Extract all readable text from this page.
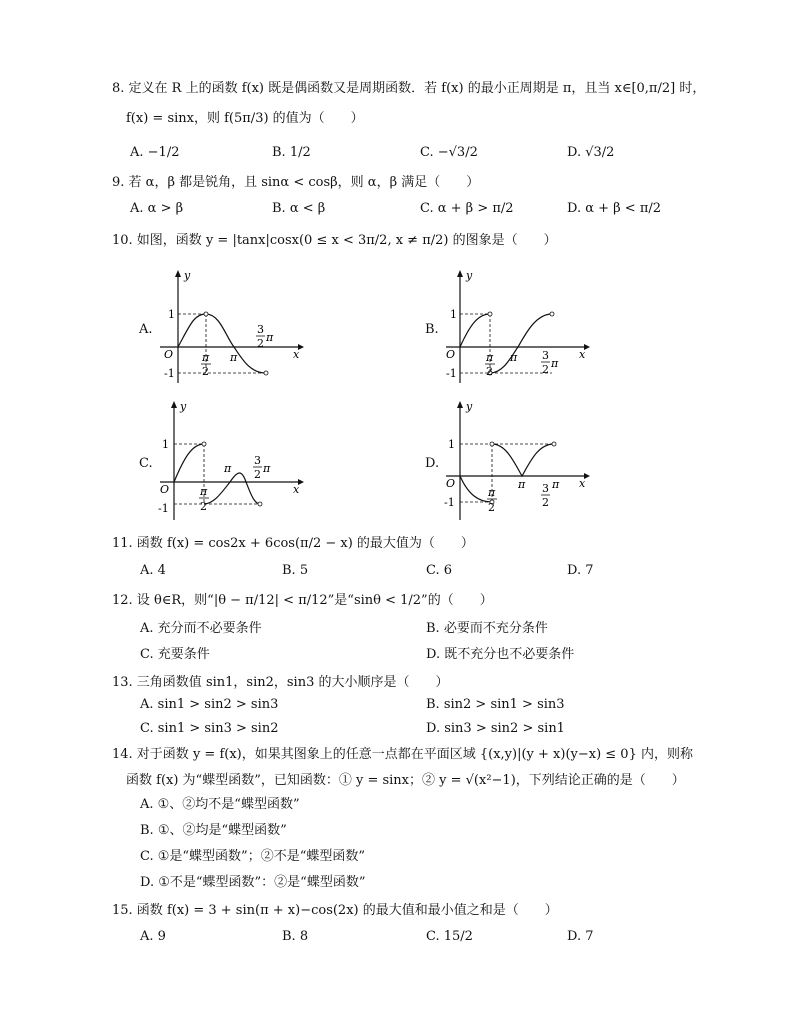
8. 定义在 R 上的函数 f(x) 既是偶函数又是周期函数．若 f(x) 的最小正周期是 π，且当 x∈[0,π/2] 时，
f(x) = sinx，则 f(5π/3) 的值为（　　）
A. −1/2	B. 1/2	C. −√3/2	D. √3/2
9. 若 α，β 都是锐角，且 sinα < cosβ，则 α，β 满足（　　）
A. α > β	B. α < β	C. α + β > π/2	D. α + β < π/2
10. 如图，函数 y = |tanx|cosx(0 ≤ x < 3π/2, x ≠ π/2) 的图象是（　　）
A.
y
x
O
1
-1
π
2
π
3
2 π
B.
y
x
O
1
-1
π
2
π 3
2 π
C.
y
x
O
1
-1
π
2
π
3
2 π	D.
y
x
O
1
-1
π
2
π 3
2
π
11. 函数 f(x) = cos2x + 6cos(π/2 − x) 的最大值为（　　）
A. 4	B. 5	C. 6	D. 7
12. 设 θ∈R，则“|θ − π/12| < π/12”是“sinθ < 1/2”的（　　）
A. 充分而不必要条件	B. 必要而不充分条件
C. 充要条件	D. 既不充分也不必要条件
13. 三角函数值 sin1，sin2，sin3 的大小顺序是（　　）
A. sin1 > sin2 > sin3	B. sin2 > sin1 > sin3
C. sin1 > sin3 > sin2	D. sin3 > sin2 > sin1
14. 对于函数 y = f(x)，如果其图象上的任意一点都在平面区域 {(x,y)|(y + x)(y−x) ≤ 0} 内，则称
函数 f(x) 为“蝶型函数”，已知函数：① y = sinx；② y = √(x²−1)，下列结论正确的是（　　）
A. ①、②均不是“蝶型函数”
B. ①、②均是“蝶型函数”
C. ①是“蝶型函数”；②不是“蝶型函数”
D. ①不是“蝶型函数”：②是“蝶型函数”
15. 函数 f(x) = 3 + sin(π + x)−cos(2x) 的最大值和最小值之和是（　　）
A. 9	B. 8	C. 15/2	D. 7
